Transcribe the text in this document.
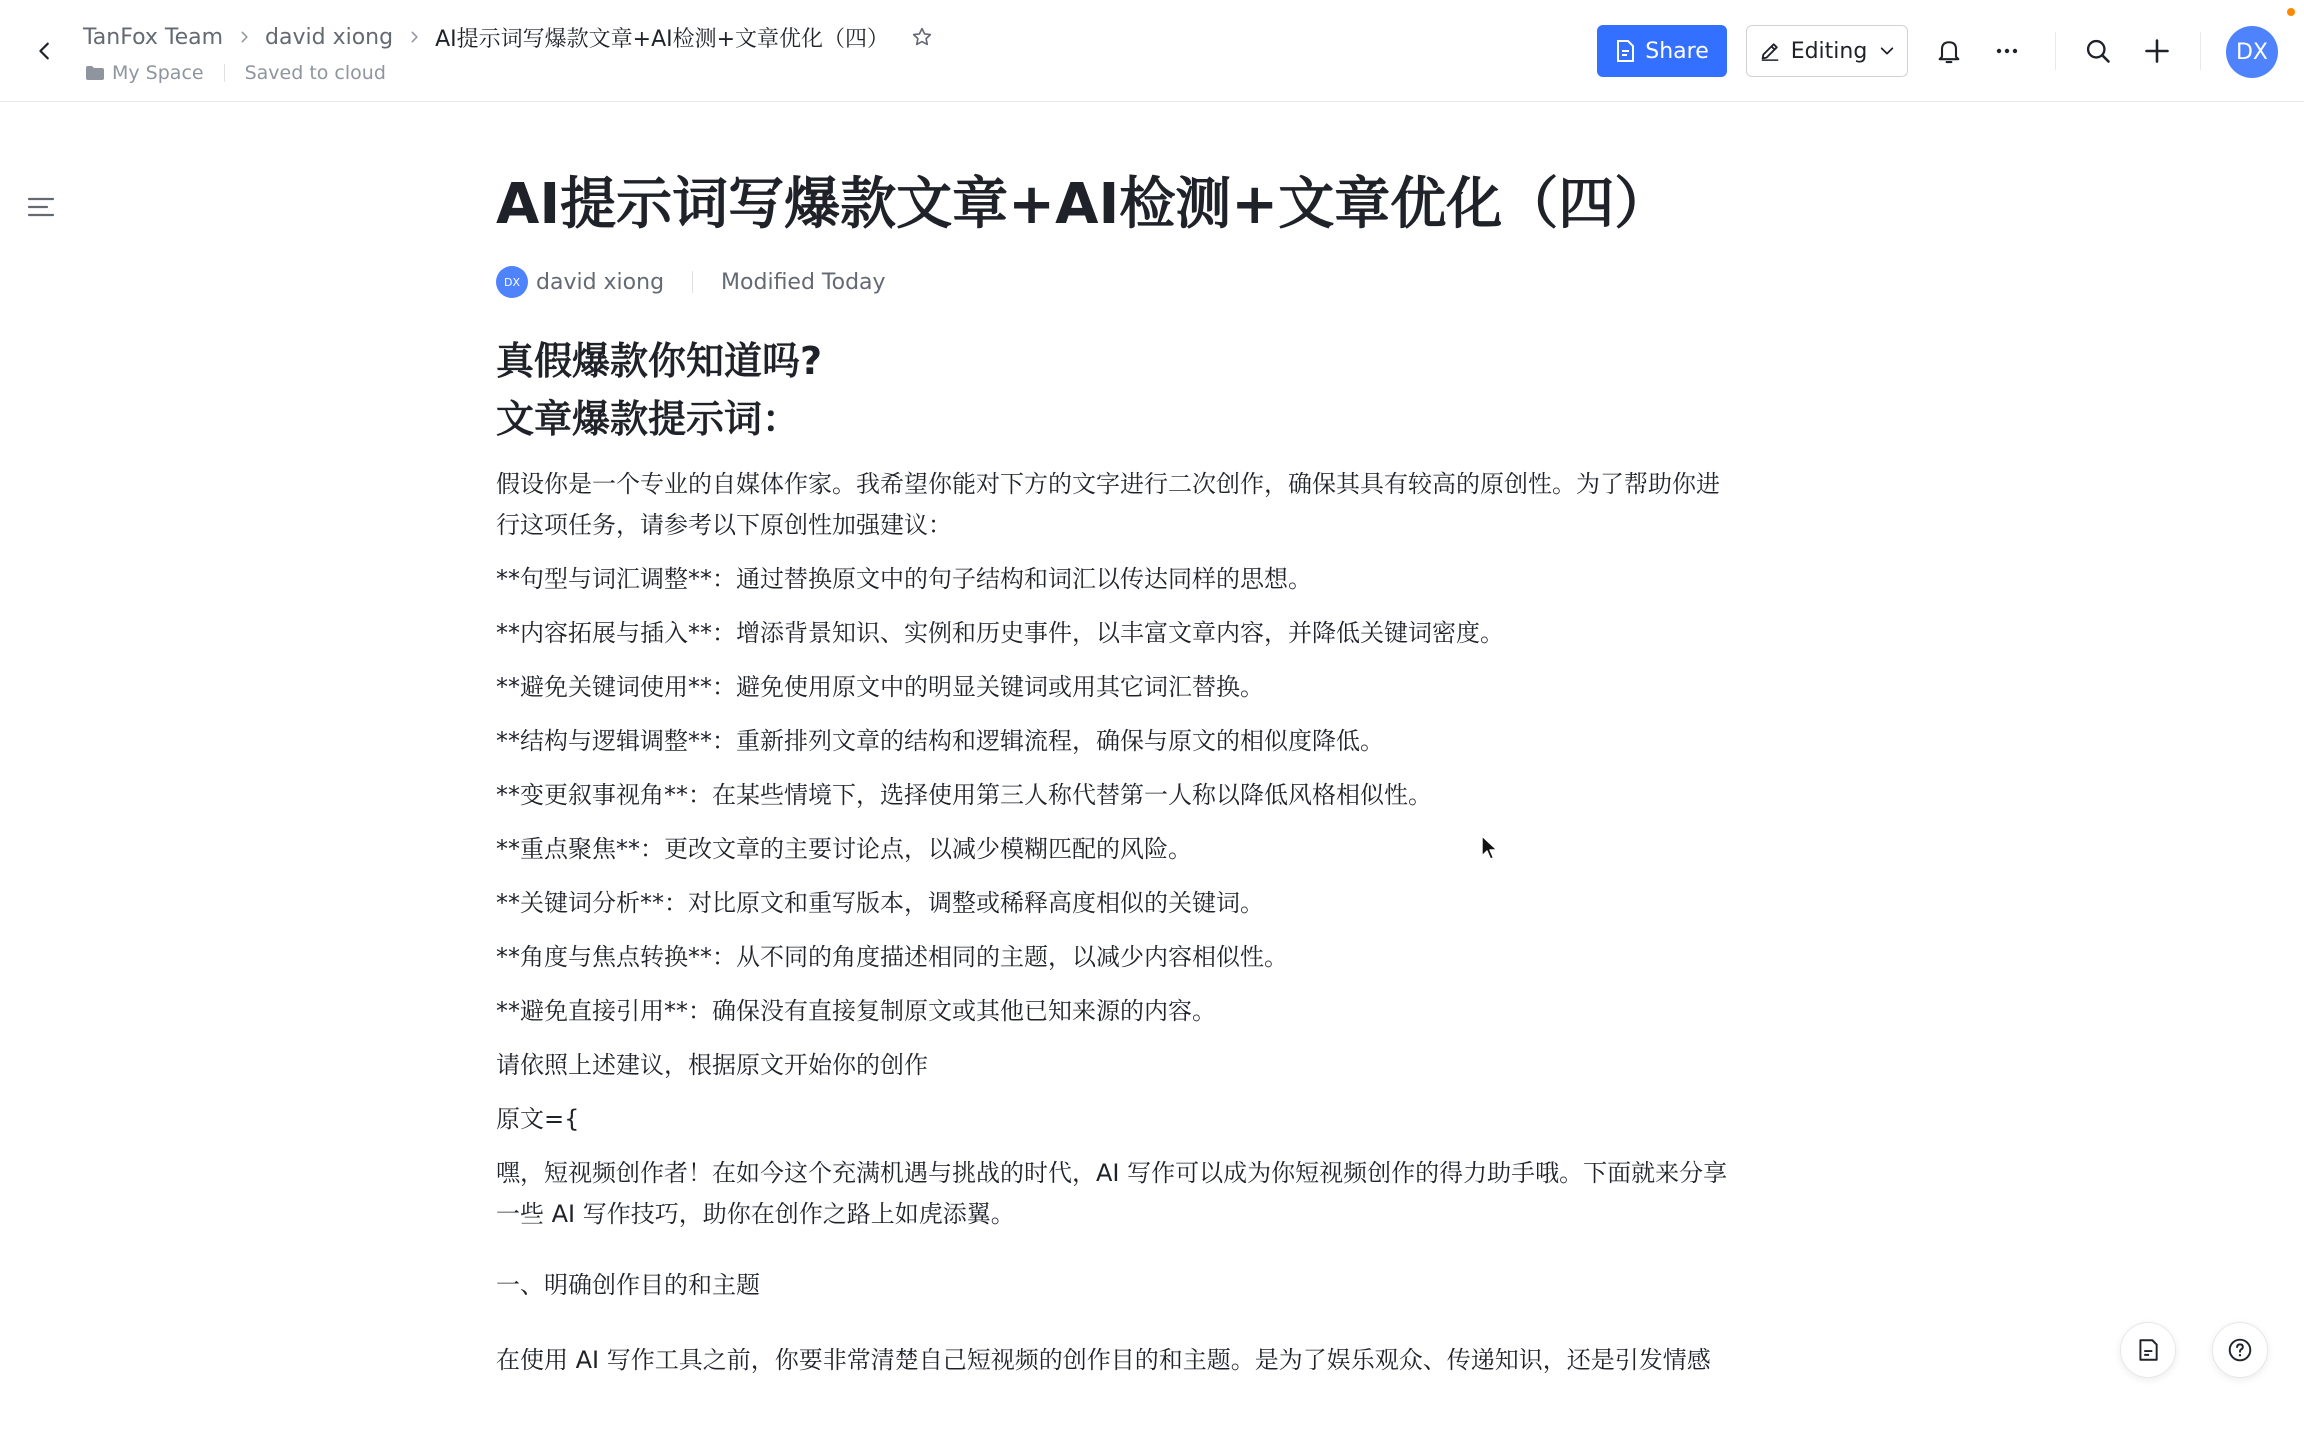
TanFox Team david xiong AI提示词写爆款文章+AI检测+文章优化（四）
My Space Saved to cloud
Share	Editing	DX
AI提示词写爆款文章+AI检测+文章优化（四）
DX david xiong	Modified Today
真假爆款你知道吗?
文章爆款提示词：
假设你是一个专业的自媒体作家。我希望你能对下方的文字进行二次创作，确保其具有较高的原创性。为了帮助你进
行这项任务，请参考以下原创性加强建议：
**句型与词汇调整**：通过替换原文中的句子结构和词汇以传达同样的思想。
**内容拓展与插入**：增添背景知识、实例和历史事件，以丰富文章内容，并降低关键词密度。
**避免关键词使用**：避免使用原文中的明显关键词或用其它词汇替换。
**结构与逻辑调整**：重新排列文章的结构和逻辑流程，确保与原文的相似度降低。
**变更叙事视角**：在某些情境下，选择使用第三人称代替第一人称以降低风格相似性。
**重点聚焦**：更改文章的主要讨论点，以减少模糊匹配的风险。
**关键词分析**：对比原文和重写版本，调整或稀释高度相似的关键词。
**角度与焦点转换**：从不同的角度描述相同的主题，以减少内容相似性。
**避免直接引用**：确保没有直接复制原文或其他已知来源的内容。
请依照上述建议，根据原文开始你的创作
原文={
嘿，短视频创作者！在如今这个充满机遇与挑战的时代，AI 写作可以成为你短视频创作的得力助手哦。下面就来分享
一些 AI 写作技巧，助你在创作之路上如虎添翼。
一、明确创作目的和主题
在使用 AI 写作工具之前，你要非常清楚自己短视频的创作目的和主题。是为了娱乐观众、传递知识，还是引发情感
